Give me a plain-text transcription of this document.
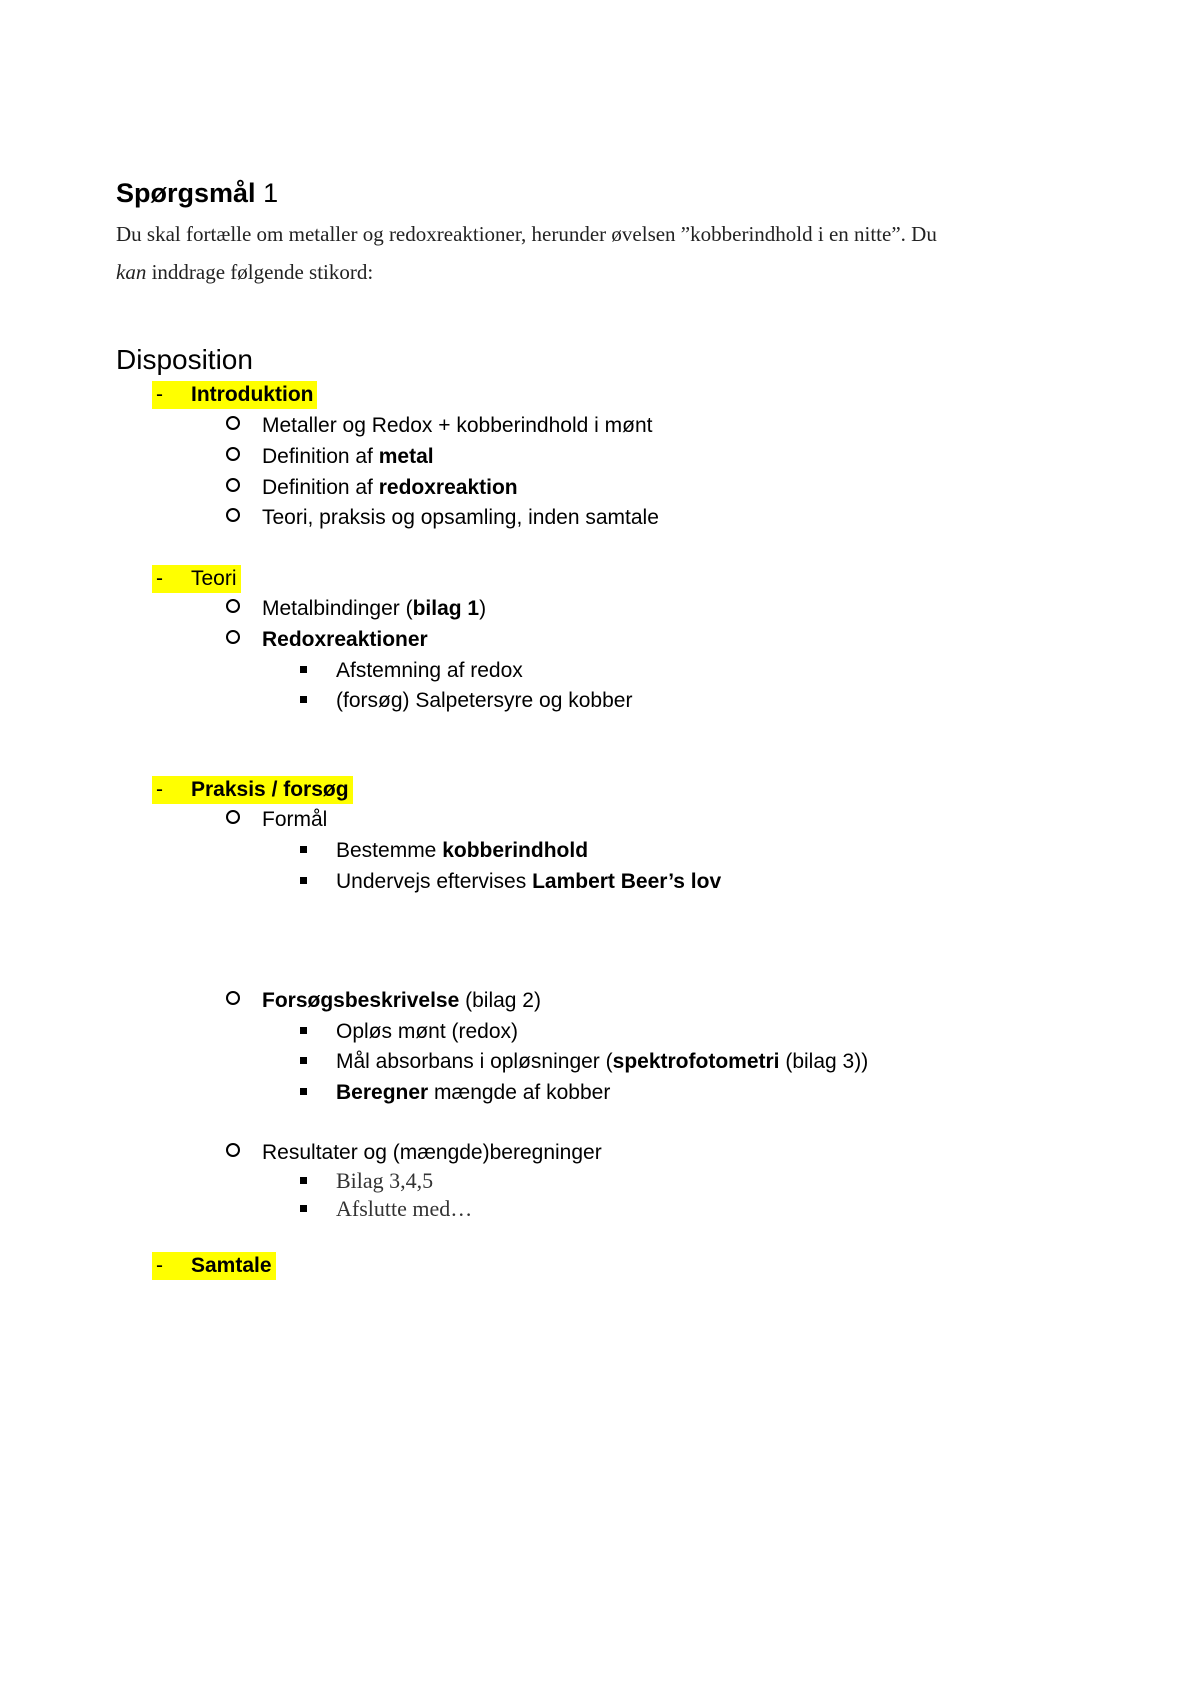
Spørgsmål 1
Du skal fortælle om metaller og redoxreaktioner, herunder øvelsen ”kobberindhold i en nitte”. Du
kan inddrage følgende stikord:
Disposition
- Introduktion
Metaller og Redox + kobberindhold i mønt
Definition af metal
Definition af redoxreaktion
Teori, praksis og opsamling, inden samtale
- Teori
Metalbindinger (bilag 1)
Redoxreaktioner
Afstemning af redox
(forsøg) Salpetersyre og kobber
- Praksis / forsøg
Formål
Bestemme kobberindhold
Undervejs eftervises Lambert Beer’s lov
Forsøgsbeskrivelse (bilag 2)
Opløs mønt (redox)
Mål absorbans i opløsninger (spektrofotometri (bilag 3))
Beregner mængde af kobber
Resultater og (mængde)beregninger
Bilag 3,4,5
Afslutte med…
- Samtale
